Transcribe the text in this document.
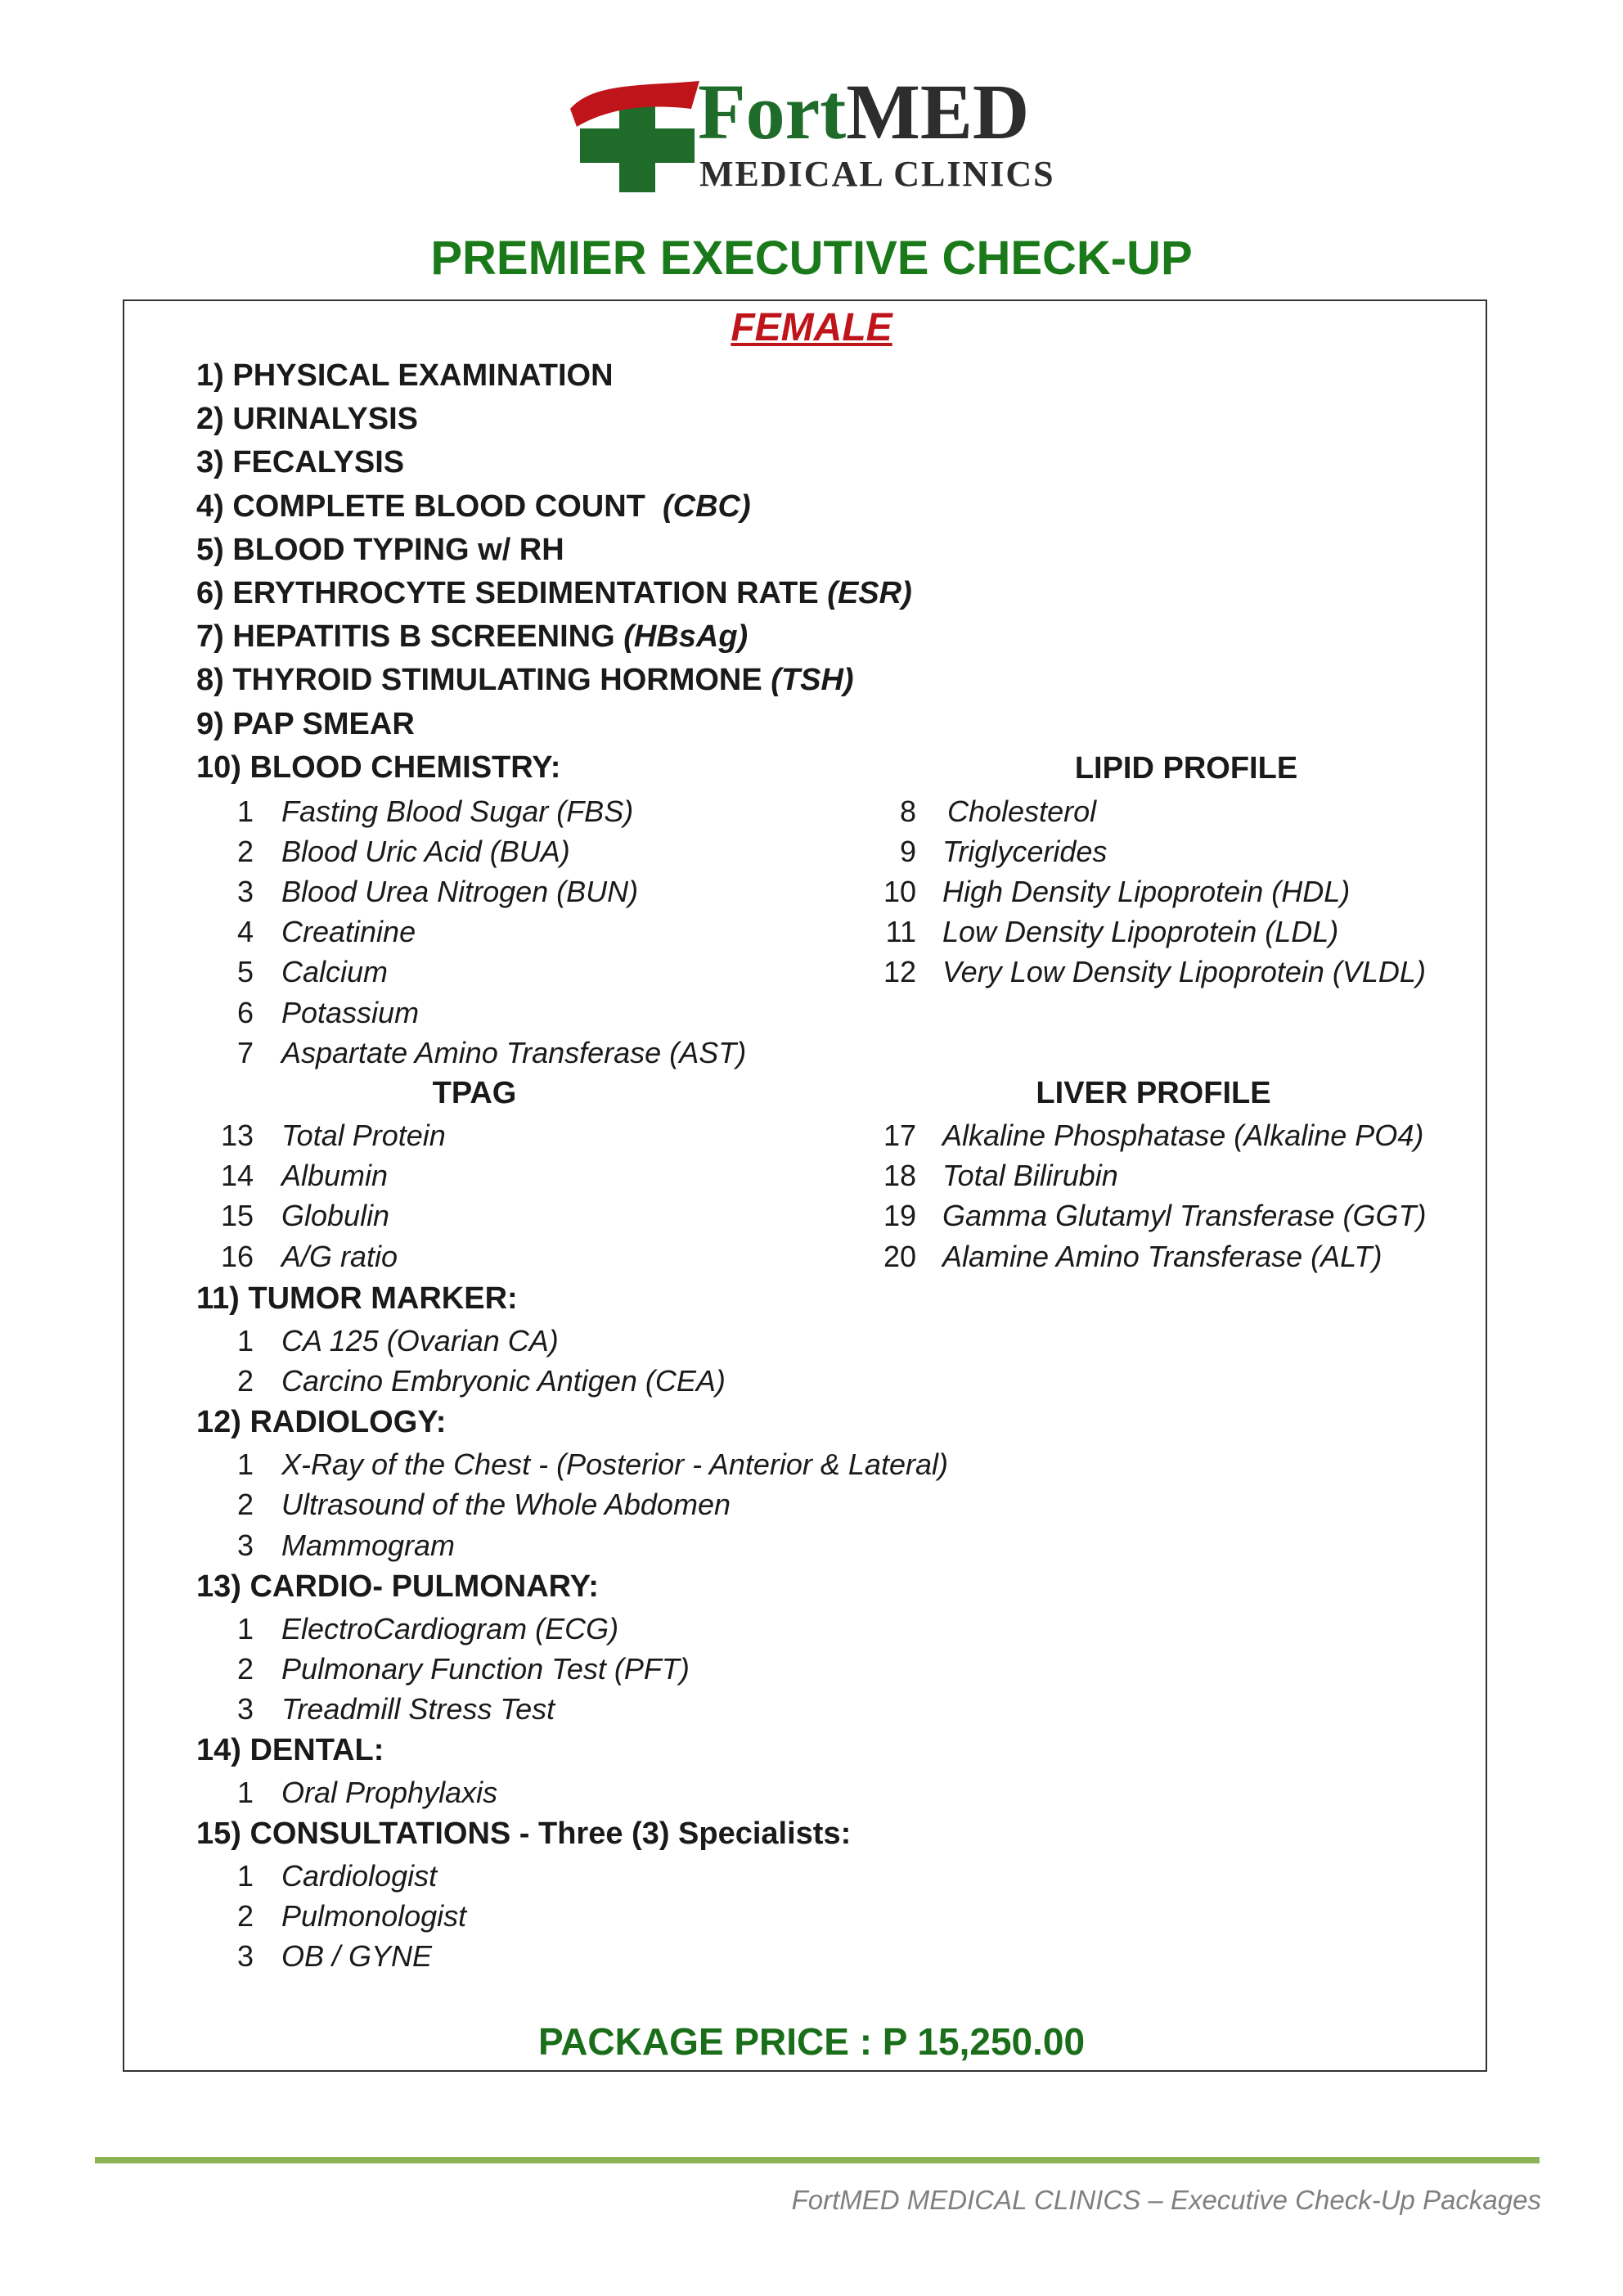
FortMED
MEDICAL CLINICS
PREMIER EXECUTIVE CHECK-UP
FEMALE
1) PHYSICAL EXAMINATION
2) URINALYSIS
3) FECALYSIS
4) COMPLETE BLOOD COUNT (CBC)
5) BLOOD TYPING w/ RH
6) ERYTHROCYTE SEDIMENTATION RATE (ESR)
7) HEPATITIS B SCREENING (HBsAg)
8) THYROID STIMULATING HORMONE (TSH)
9) PAP SMEAR
10) BLOOD CHEMISTRY:
1 Fasting Blood Sugar (FBS)
2 Blood Uric Acid (BUA)
3 Blood Urea Nitrogen (BUN)
4 Creatinine
5 Calcium
6 Potassium
7 Aspartate Amino Transferase (AST)
LIPID PROFILE
8 Cholesterol
9 Triglycerides
10 High Density Lipoprotein (HDL)
11 Low Density Lipoprotein (LDL)
12 Very Low Density Lipoprotein (VLDL)
TPAG
13 Total Protein
14 Albumin
15 Globulin
16 A/G ratio
LIVER PROFILE
17 Alkaline Phosphatase (Alkaline PO4)
18 Total Bilirubin
19 Gamma Glutamyl Transferase (GGT)
20 Alamine Amino Transferase (ALT)
11) TUMOR MARKER:
1 CA 125 (Ovarian CA)
2 Carcino Embryonic Antigen (CEA)
12) RADIOLOGY:
1 X-Ray of the Chest - (Posterior - Anterior & Lateral)
2 Ultrasound of the Whole Abdomen
3 Mammogram
13) CARDIO- PULMONARY:
1 ElectroCardiogram (ECG)
2 Pulmonary Function Test (PFT)
3 Treadmill Stress Test
14) DENTAL:
1 Oral Prophylaxis
15) CONSULTATIONS - Three (3) Specialists:
1 Cardiologist
2 Pulmonologist
3 OB / GYNE
PACKAGE PRICE : P 15,250.00
FortMED MEDICAL CLINICS – Executive Check-Up Packages
